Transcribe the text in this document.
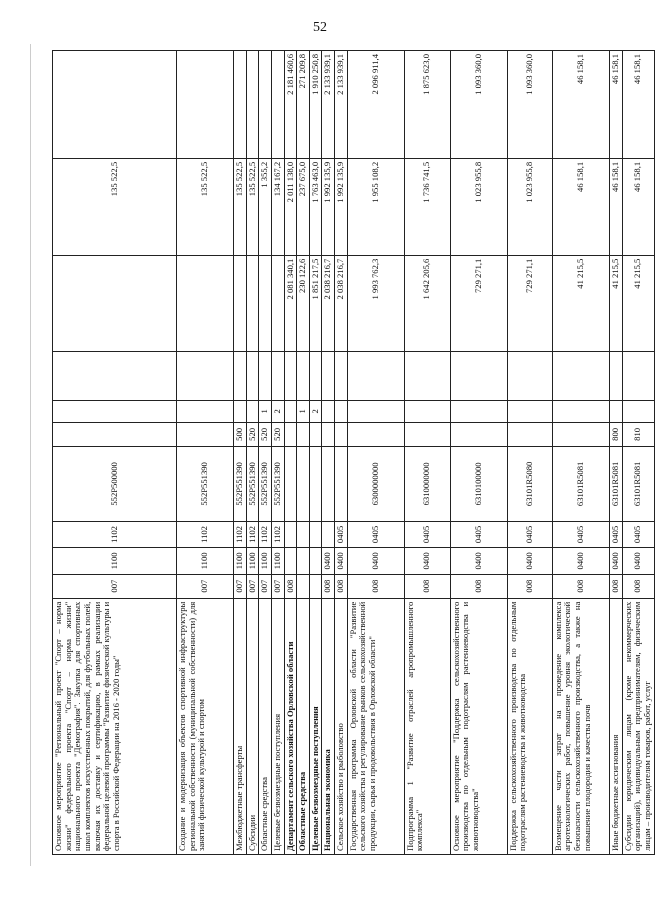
52
Основное мероприятие "Региональный проект "Спорт – норма жизни" федерального проекта "Спорт – норма жизни" национального проекта "Демография". Закупка для спортивных школ комплектов искусственных покрытий, для футбольных полей, включая их доставку и сертификацию, в рамках реализации федеральной целевой программы "Развитие физической культуры и спорта в Российской Федерации на 2016 - 2020 годы"	007	1100	1102	552P500000					135 522,5	
Создание и модернизация объектов спортивной инфраструктуры региональной собственности (муниципальной собственности) для занятий физической культурой и спортом	007	1100	1102	552P551390					135 522,5	
Межбюджетные трансферты	007	1100	1102	552P551390	500				135 522,5	
Субсидии	007	1100	1102	552P551390	520				135 522,5	
Областные средства	007	1100	1102	552P551390	520	1			1 355,2	
Целевые безвозмездные поступления	007	1100	1102	552P551390	520	2			134 167,2	
Департамент сельского хозяйства Орловской области	008							2 081 340,1	2 011 138,0	2 181 460,6
Областные средства						1		230 122,6	237 675,0	271 209,8
Целевые безвозмездные поступления						2		1 851 217,5	1 763 463,0	1 910 250,8
Национальная экономика	008	0400						2 038 216,7	1 992 135,9	2 133 939,1
Сельское хозяйство и рыболовство	008	0400	0405					2 038 216,7	1 992 135,9	2 133 939,1
Государственная программа Орловской области "Развитие сельского хозяйства и регулирование рынков сельскохозяйственной продукции, сырья и продовольствия в Орловской области"	008	0400	0405	6300000000				1 993 762,3	1 955 108,2	2 096 911,4
Подпрограмма 1 "Развитие отраслей агропромышленного комплекса"	008	0400	0405	6310000000				1 642 205,6	1 736 741,5	1 875 623,0
Основное мероприятие "Поддержка сельскохозяйственного производства по отдельным подотраслям растениеводства и животноводства"	008	0400	0405	6310100000				729 271,1	1 023 955,8	1 093 360,0
Поддержка сельскохозяйственного производства по отдельным подотраслям растениеводства и животноводства	008	0400	0405	63101R5080				729 271,1	1 023 955,8	1 093 360,0
Возмещение части затрат на проведение комплекса агротехнологических работ, повышение уровня экологической безопасности сельскохозяйственного производства, а также на повышение плодородия и качества почв	008	0400	0405	63101R5081				41 215,5	46 158,1	46 158,1
Иные бюджетные ассигнования	008	0400	0405	63101R5081	800			41 215,5	46 158,1	46 158,1
Субсидии юридическим лицам (кроме некоммерческих организаций), индивидуальным предпринимателям, физическим лицам – производителям товаров, работ, услуг	008	0400	0405	63101R5081	810			41 215,5	46 158,1	46 158,1
